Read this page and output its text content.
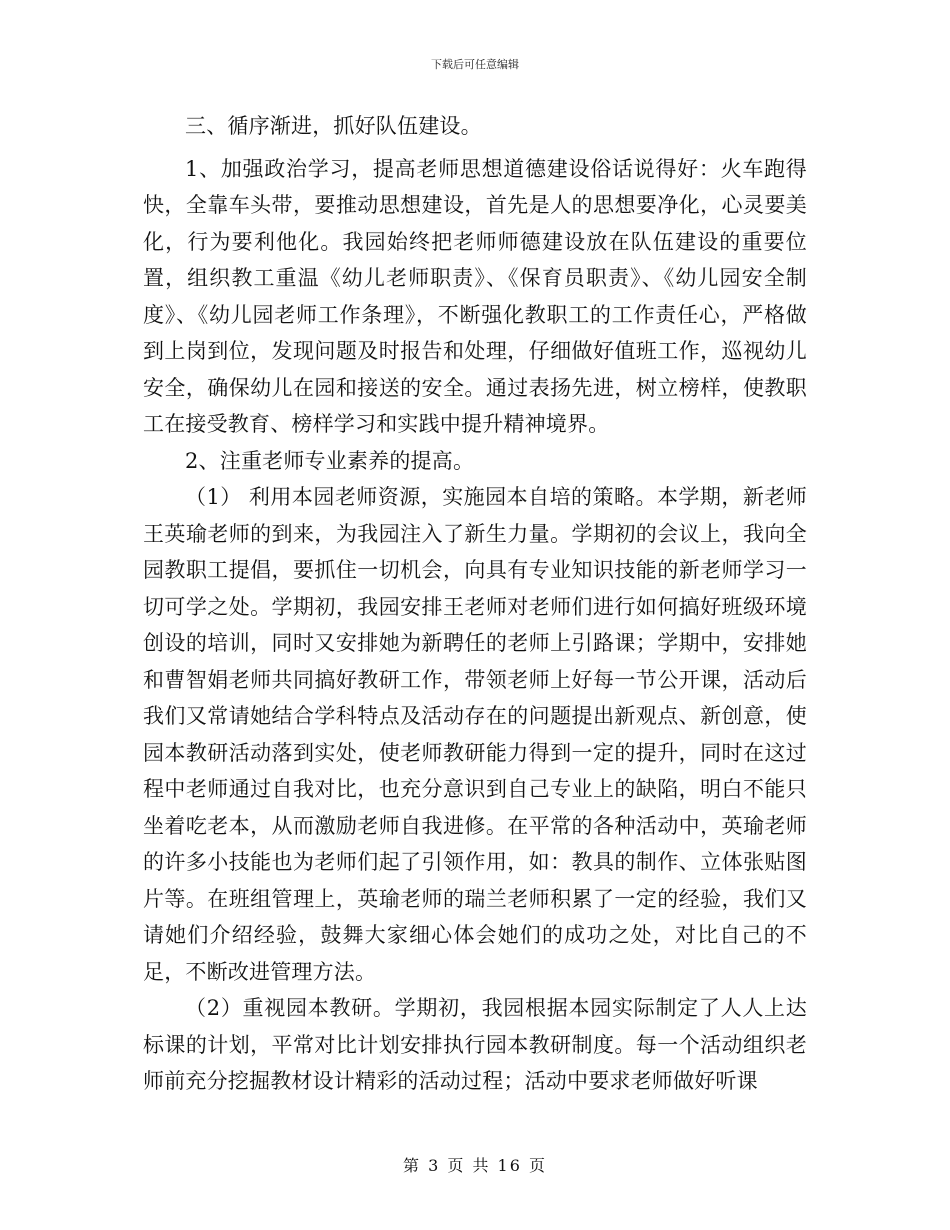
下载后可任意编辑

三、循序渐进，抓好队伍建设。

1、加强政治学习，提高老师思想道德建设俗话说得好：火车跑得快，全靠车头带，要推动思想建设，首先是人的思想要净化，心灵要美化，行为要利他化。我园始终把老师师德建设放在队伍建设的重要位置，组织教工重温《幼儿老师职责》、《保育员职责》、《幼儿园安全制度》、《幼儿园老师工作条理》，不断强化教职工的工作责任心，严格做到上岗到位，发现问题及时报告和处理，仔细做好值班工作，巡视幼儿安全，确保幼儿在园和接送的安全。通过表扬先进，树立榜样，使教职工在接受教育、榜样学习和实践中提升精神境界。

2、注重老师专业素养的提高。

（1） 利用本园老师资源，实施园本自培的策略。本学期，新老师王英瑜老师的到来，为我园注入了新生力量。学期初的会议上，我向全园教职工提倡，要抓住一切机会，向具有专业知识技能的新老师学习一切可学之处。学期初，我园安排王老师对老师们进行如何搞好班级环境创设的培训，同时又安排她为新聘任的老师上引路课；学期中，安排她和曹智娟老师共同搞好教研工作，带领老师上好每一节公开课，活动后我们又常请她结合学科特点及活动存在的问题提出新观点、新创意，使园本教研活动落到实处，使老师教研能力得到一定的提升，同时在这过程中老师通过自我对比，也充分意识到自己专业上的缺陷，明白不能只坐着吃老本，从而激励老师自我进修。在平常的各种活动中，英瑜老师的许多小技能也为老师们起了引领作用，如：教具的制作、立体张贴图片等。在班组管理上，英瑜老师的瑞兰老师积累了一定的经验，我们又请她们介绍经验，鼓舞大家细心体会她们的成功之处，对比自己的不足，不断改进管理方法。

（2）重视园本教研。学期初，我园根据本园实际制定了人人上达标课的计划，平常对比计划安排执行园本教研制度。每一个活动组织老师前充分挖掘教材设计精彩的活动过程；活动中要求老师做好听课

第 3 页 共 16 页
